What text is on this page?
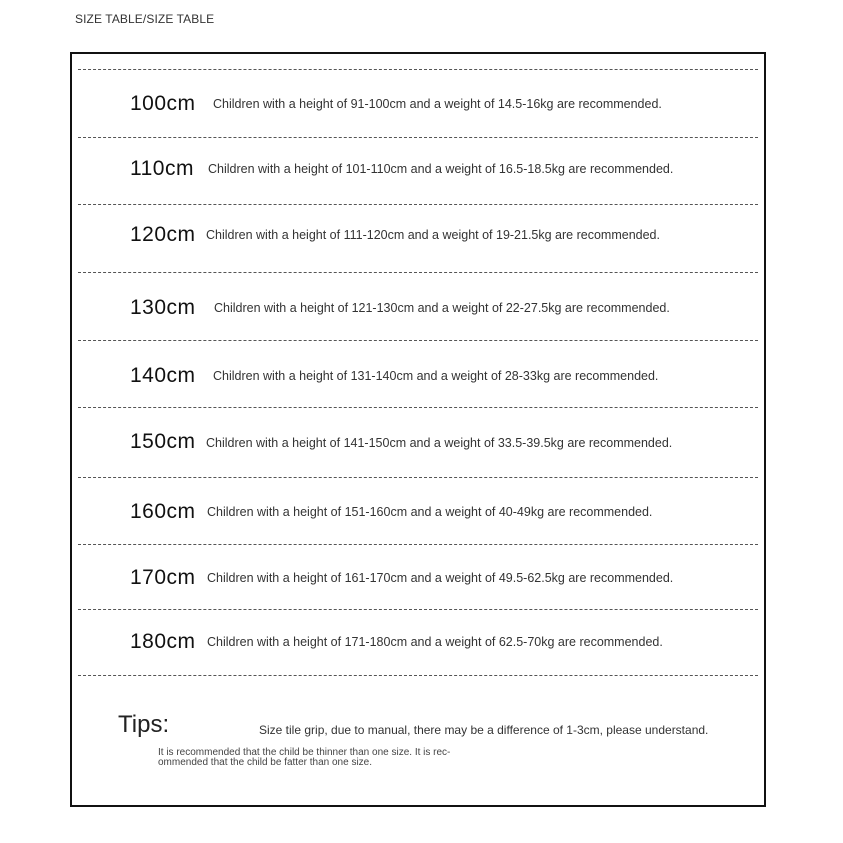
SIZE TABLE/SIZE TABLE
100cm Children with a height of 91-100cm and a weight of 14.5-16kg are recommended.
110cm Children with a height of 101-110cm and a weight of 16.5-18.5kg are recommended.
120cm Children with a height of 111-120cm and a weight of 19-21.5kg are recommended.
130cm Children with a height of 121-130cm and a weight of 22-27.5kg are recommended.
140cm Children with a height of 131-140cm and a weight of 28-33kg are recommended.
150cm Children with a height of 141-150cm and a weight of 33.5-39.5kg are recommended.
160cm Children with a height of 151-160cm and a weight of 40-49kg are recommended.
170cm Children with a height of 161-170cm and a weight of 49.5-62.5kg are recommended.
180cm Children with a height of 171-180cm and a weight of 62.5-70kg are recommended.
Tips:	Size tile grip, due to manual, there may be a difference of 1-3cm, please understand.
It is recommended that the child be thinner than one size. It is rec-ommended that the child be fatter than one size.
